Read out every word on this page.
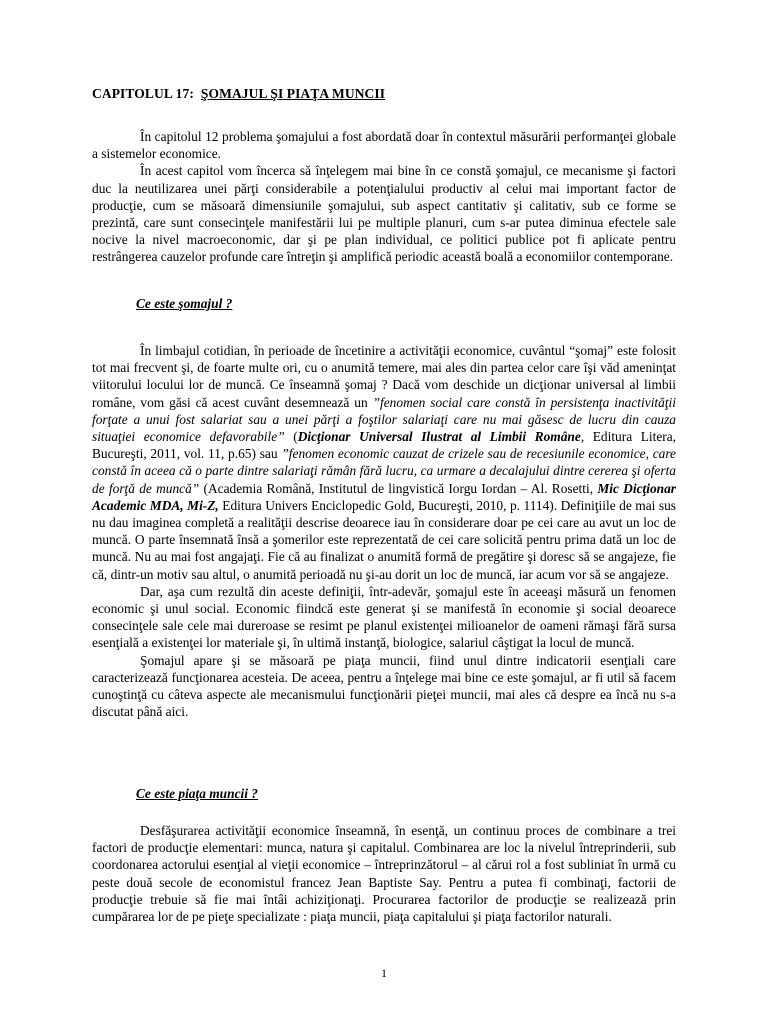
CAPITOLUL 17: ŞOMAJUL ŞI PIAŢA MUNCII

În capitolul 12 problema şomajului a fost abordată doar în contextul măsurării performanţei globale a sistemelor economice.

În acest capitol vom încerca să înţelegem mai bine în ce constă şomajul, ce mecanisme şi factori duc la neutilizarea unei părţi considerabile a potenţialului productiv al celui mai important factor de producţie, cum se măsoară dimensiunile şomajului, sub aspect cantitativ şi calitativ, sub ce forme se prezintă, care sunt consecinţele manifestării lui pe multiple planuri, cum s-ar putea diminua efectele sale nocive la nivel macroeconomic, dar şi pe plan individual, ce politici publice pot fi aplicate pentru restrângerea cauzelor profunde care întreţin şi amplifică periodic această boală a economiilor contemporane.

Ce este şomajul ?

În limbajul cotidian, în perioade de încetinire a activităţii economice, cuvântul “şomaj” este folosit tot mai frecvent şi, de foarte multe ori, cu o anumită temere, mai ales din partea celor care îşi văd ameninţat viitorului locului lor de muncă. Ce înseamnă şomaj ? Dacă vom deschide un dicţionar universal al limbii române, vom găsi că acest cuvânt desemnează un ”fenomen social care constă în persistenţa inactivităţii forţate a unui fost salariat sau a unei părţi a foştilor salariaţi care nu mai găsesc de lucru din cauza situaţiei economice defavorabile” (Dicţionar Universal Ilustrat al Limbii Române, Editura Litera, Bucureşti, 2011, vol. 11, p.65) sau ”fenomen economic cauzat de crizele sau de recesiunile economice, care constă în aceea că o parte dintre salariaţi rămân fără lucru, ca urmare a decalajului dintre cererea şi oferta de forţă de muncă” (Academia Română, Institutul de lingvistică Iorgu Iordan – Al. Rosetti, Mic Dicţionar Academic MDA, Mi-Z, Editura Univers Enciclopedic Gold, Bucureşti, 2010, p. 1114). Definiţiile de mai sus nu dau imaginea completă a realităţii descrise deoarece iau în considerare doar pe cei care au avut un loc de muncă. O parte însemnată însă a şomerilor este reprezentată de cei care solicită pentru prima dată un loc de muncă. Nu au mai fost angajaţi. Fie că au finalizat o anumită formă de pregătire şi doresc să se angajeze, fie că, dintr-un motiv sau altul, o anumită perioadă nu şi-au dorit un loc de muncă, iar acum vor să se angajeze.

Dar, aşa cum rezultă din aceste definiţii, într-adevăr, şomajul este în aceeaşi măsură un fenomen economic şi unul social. Economic fiindcă este generat şi se manifestă în economie şi social deoarece consecinţele sale cele mai dureroase se resimt pe planul existenţei milioanelor de oameni rămaşi fără sursa esenţială a existenţei lor materiale şi, în ultimă instanţă, biologice, salariul câştigat la locul de muncă.

Şomajul apare şi se măsoară pe piaţa muncii, fiind unul dintre indicatorii esenţiali care caracterizează funcţionarea acesteia. De aceea, pentru a înţelege mai bine ce este şomajul, ar fi util să facem cunoştinţă cu câteva aspecte ale mecanismului funcţionării pieţei muncii, mai ales că despre ea încă nu s-a discutat până aici.

Ce este piaţa muncii ?

Desfăşurarea activităţii economice înseamnă, în esenţă, un continuu proces de combinare a trei factori de producţie elementari: munca, natura şi capitalul. Combinarea are loc la nivelul întreprinderii, sub coordonarea actorului esenţial al vieţii economice – întreprinzătorul – al cărui rol a fost subliniat în urmă cu peste două secole de economistul francez Jean Baptiste Say. Pentru a putea fi combinaţi, factorii de producţie trebuie să fie mai întâi achiziţionaţi. Procurarea factorilor de producţie se realizează prin cumpărarea lor de pe pieţe specializate : piaţa muncii, piaţa capitalului şi piaţa factorilor naturali.

1
